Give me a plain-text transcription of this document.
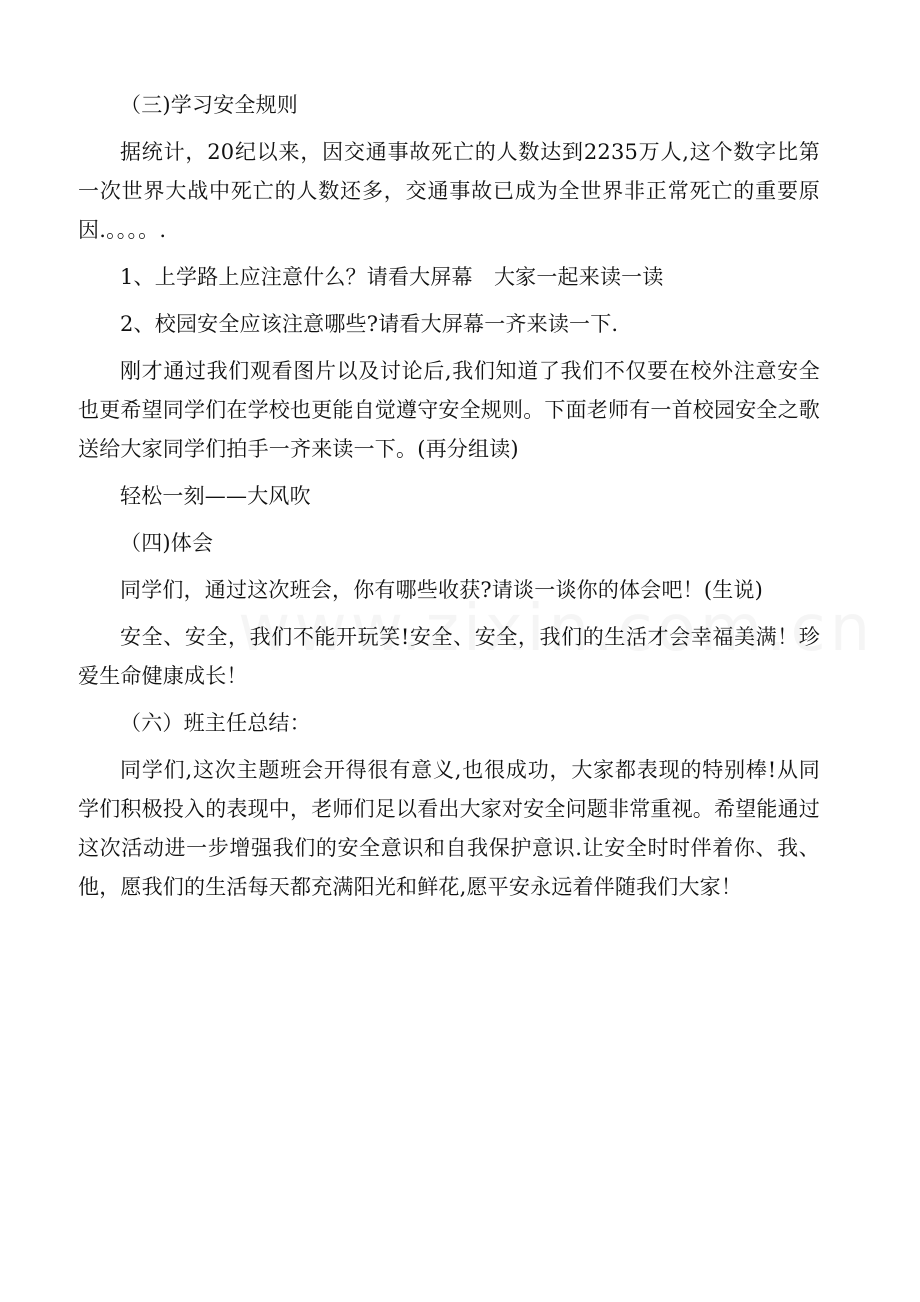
（三)学习安全规则

据统计，20纪以来，因交通事故死亡的人数达到2235万人,这个数字比第一次世界大战中死亡的人数还多，交通事故已成为全世界非正常死亡的重要原因.。。。。.

1、上学路上应注意什么？请看大屏幕　大家一起来读一读

2、校园安全应该注意哪些?请看大屏幕一齐来读一下.

刚才通过我们观看图片以及讨论后,我们知道了我们不仅要在校外注意安全也更希望同学们在学校也更能自觉遵守安全规则。下面老师有一首校园安全之歌送给大家同学们拍手一齐来读一下。(再分组读)

轻松一刻——大风吹

（四)体会

同学们，通过这次班会，你有哪些收获?请谈一谈你的体会吧！(生说)

安全、安全，我们不能开玩笑!安全、安全，我们的生活才会幸福美满！珍爱生命健康成长！

（六）班主任总结：

同学们,这次主题班会开得很有意义,也很成功，大家都表现的特别棒!从同学们积极投入的表现中，老师们足以看出大家对安全问题非常重视。希望能通过这次活动进一步增强我们的安全意识和自我保护意识.让安全时时伴着你、我、他，愿我们的生活每天都充满阳光和鲜花,愿平安永远着伴随我们大家！
